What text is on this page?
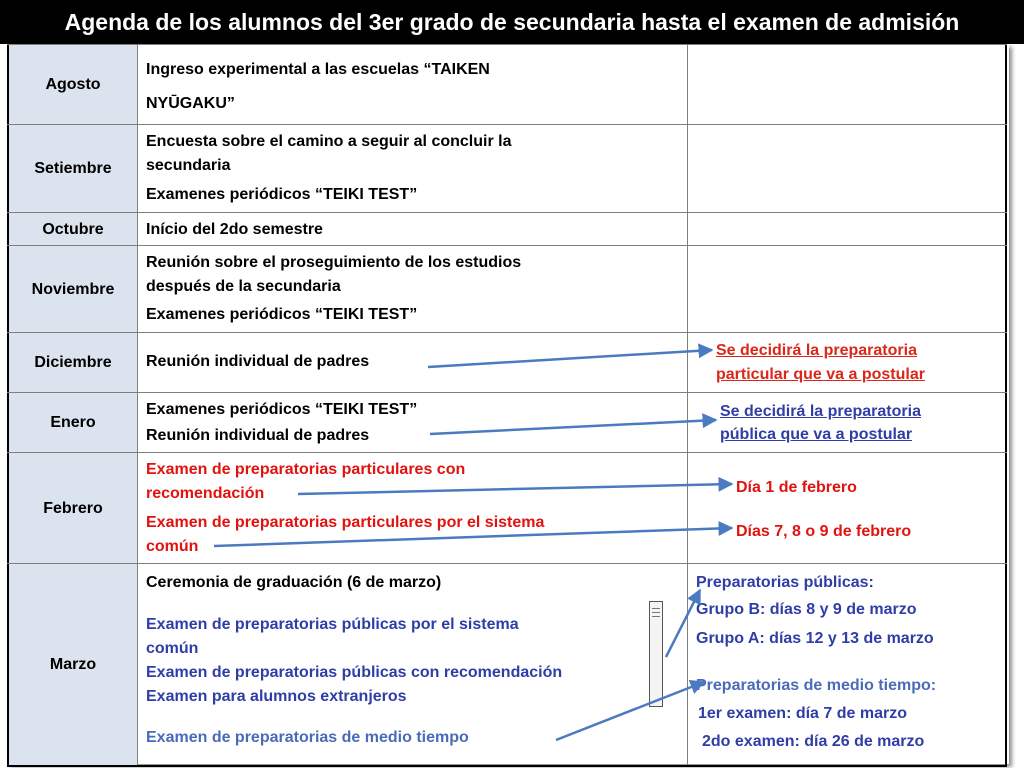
Agenda de los alumnos del 3er grado de secundaria hasta el examen de admisión
Agosto
Ingreso experimental a las escuelas “TAIKEN
NYŪGAKU”
Setiembre
Encuesta sobre el camino a seguir al concluir la
secundaria
Examenes periódicos “TEIKI TEST”
Octubre	Início del 2do semestre
Noviembre
Reunión sobre el proseguimiento de los estudios
después de la secundaria
Examenes periódicos “TEIKI TEST”
Diciembre	Reunión individual de padres
Enero
Examenes periódicos “TEIKI TEST”
Reunión individual de padres
Febrero
Examen de preparatorias particulares con
recomendación
Examen de preparatorias particulares por el sistema
común
Marzo
Ceremonia de graduación (6 de marzo)
Examen de preparatorias públicas por el sistema
común
Examen de preparatorias públicas con recomendación
Examen para alumnos extranjeros
Examen de preparatorias de medio tiempo
Se decidirá la preparatoria
particular que va a postular
Se decidirá la preparatoria
pública que va a postular
Día 1 de febrero
Días 7, 8 o 9 de febrero
Preparatorias públicas:
Grupo B: días 8 y 9 de marzo
Grupo A: días 12 y 13 de marzo
Preparatorias de medio tiempo:
1er examen: día 7 de marzo
2do examen: día 26 de marzo
